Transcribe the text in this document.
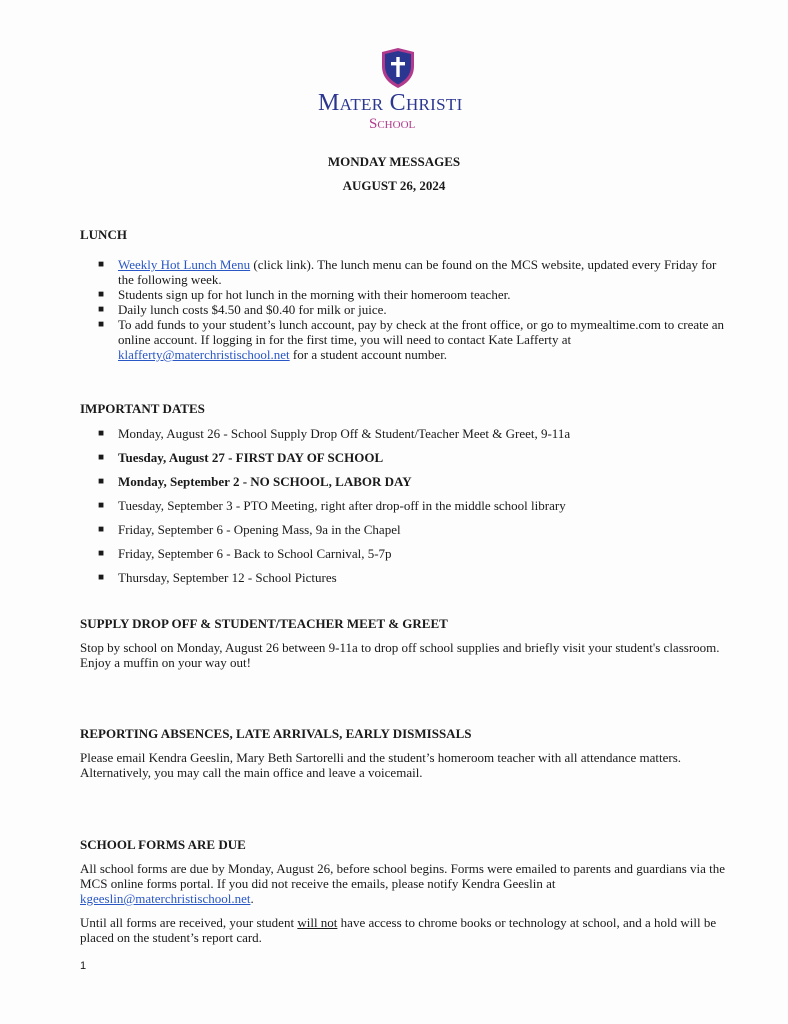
Mater Christi
School
MONDAY MESSAGES
AUGUST 26, 2024
LUNCH
■ Weekly Hot Lunch Menu (click link). The lunch menu can be found on the MCS website, updated every Friday for the following week.
■ Students sign up for hot lunch in the morning with their homeroom teacher.
■ Daily lunch costs $4.50 and $0.40 for milk or juice.
■ To add funds to your student’s lunch account, pay by check at the front office, or go to mymealtime.com to create an online account. If logging in for the first time, you will need to contact Kate Lafferty at klafferty@materchristischool.net for a student account number.
IMPORTANT DATES
■ Monday, August 26 - School Supply Drop Off & Student/Teacher Meet & Greet, 9-11a
■ Tuesday, August 27 - FIRST DAY OF SCHOOL
■ Monday, September 2 - NO SCHOOL, LABOR DAY
■ Tuesday, September 3 - PTO Meeting, right after drop-off in the middle school library
■ Friday, September 6 - Opening Mass, 9a in the Chapel
■ Friday, September 6 - Back to School Carnival, 5-7p
■ Thursday, September 12 - School Pictures
SUPPLY DROP OFF & STUDENT/TEACHER MEET & GREET
Stop by school on Monday, August 26 between 9-11a to drop off school supplies and briefly visit your student's classroom. Enjoy a muffin on your way out!
REPORTING ABSENCES, LATE ARRIVALS, EARLY DISMISSALS
Please email Kendra Geeslin, Mary Beth Sartorelli and the student’s homeroom teacher with all attendance matters. Alternatively, you may call the main office and leave a voicemail.
SCHOOL FORMS ARE DUE
All school forms are due by Monday, August 26, before school begins. Forms were emailed to parents and guardians via the MCS online forms portal. If you did not receive the emails, please notify Kendra Geeslin at kgeeslin@materchristischool.net.
Until all forms are received, your student will not have access to chrome books or technology at school, and a hold will be placed on the student’s report card.
1
